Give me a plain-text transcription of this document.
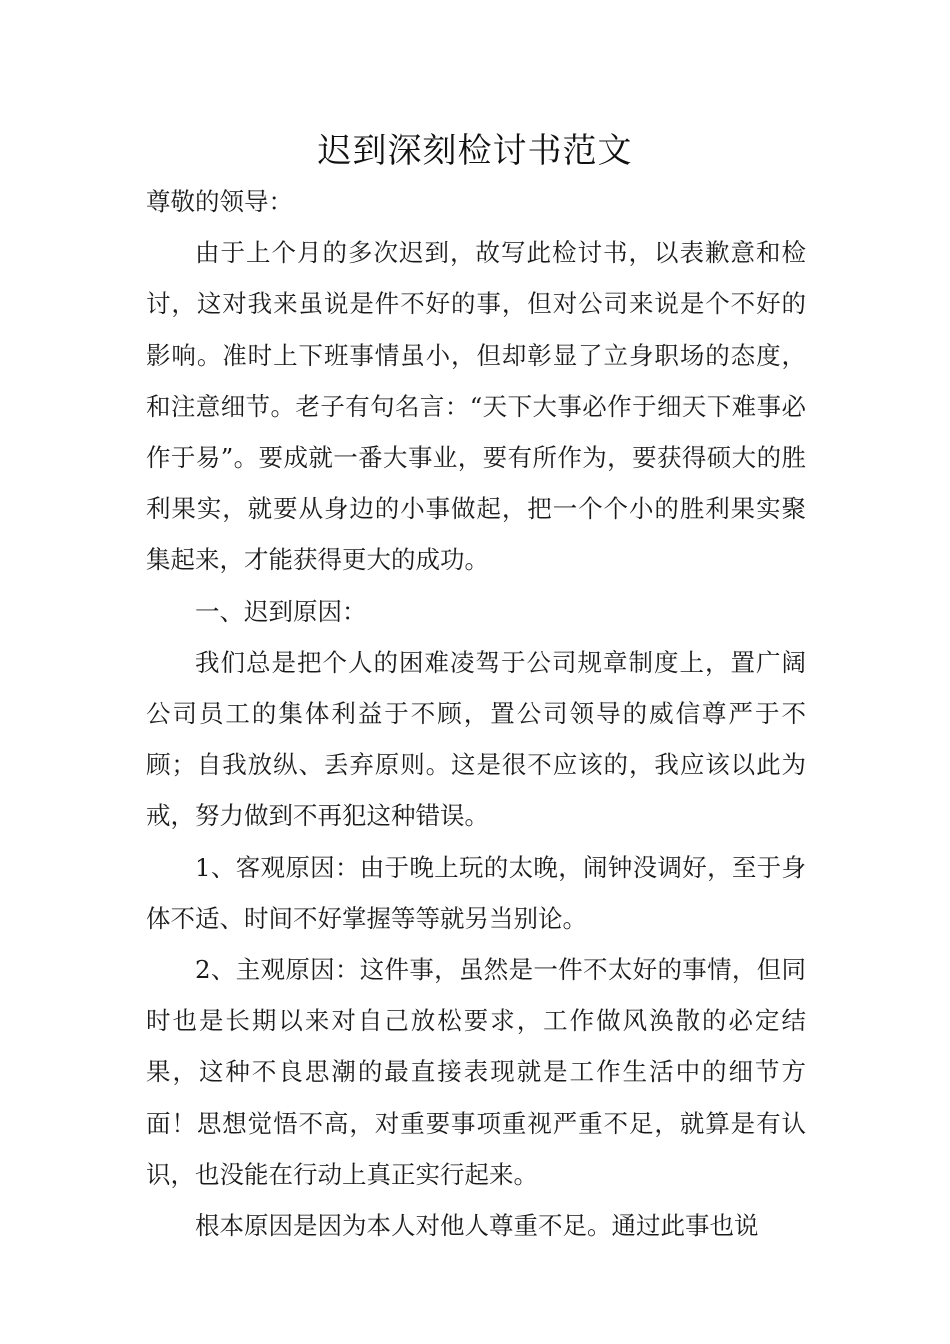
迟到深刻检讨书范文

尊敬的领导：

由于上个月的多次迟到，故写此检讨书，以表歉意和检讨，这对我来虽说是件不好的事，但对公司来说是个不好的影响。准时上下班事情虽小，但却彰显了立身职场的态度，和注意细节。老子有句名言：“天下大事必作于细天下难事必作于易”。要成就一番大事业，要有所作为，要获得硕大的胜利果实，就要从身边的小事做起，把一个个小的胜利果实聚集起来，才能获得更大的成功。

一、迟到原因：

我们总是把个人的困难凌驾于公司规章制度上，置广阔公司员工的集体利益于不顾，置公司领导的威信尊严于不顾；自我放纵、丢弃原则。这是很不应该的，我应该以此为戒，努力做到不再犯这种错误。

1、客观原因：由于晚上玩的太晚，闹钟没调好，至于身体不适、时间不好掌握等等就另当别论。

2、主观原因：这件事，虽然是一件不太好的事情，但同时也是长期以来对自己放松要求，工作做风涣散的必定结果，这种不良思潮的最直接表现就是工作生活中的细节方面！思想觉悟不高，对重要事项重视严重不足，就算是有认识，也没能在行动上真正实行起来。

根本原因是因为本人对他人尊重不足。通过此事也说
